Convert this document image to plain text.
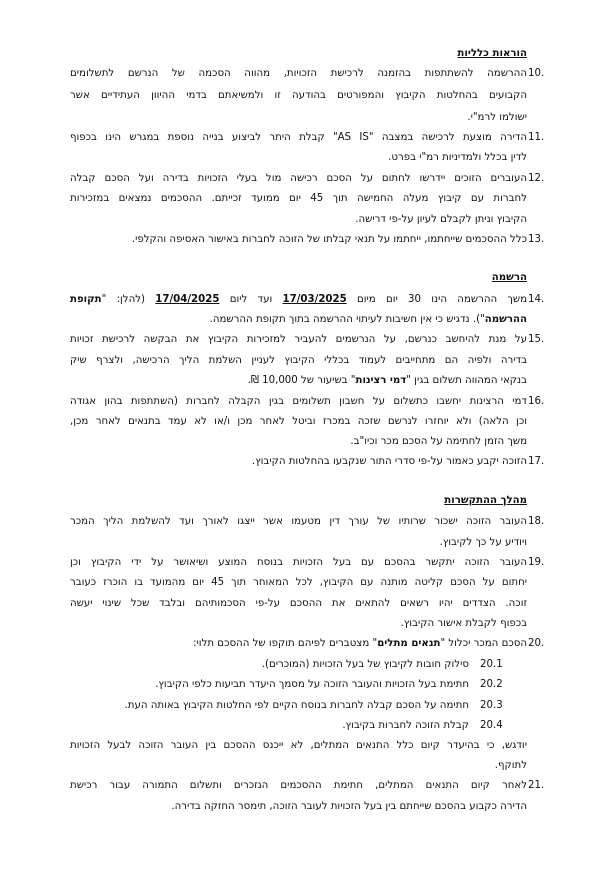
הוראות כלליות
10.
ההרשמה להשתתפות בהזמנה לרכישת הזכויות, מהווה הסכמה של הנרשם לתשלומים
הקבועים בהחלטות הקיבוץ והמפורטים בהודעה זו ולמשיאתם בדמי ההיוון העתידיים אשר
ישולמו לרמ"י.
11.
הדירה מוצעת לרכישה במצבה "AS IS" קבלת היתר לביצוע בנייה נוספת במגרש הינו בכפוף
לדין בכלל ולמדיניות רמ"י בפרט.
12.
העוברים הזוכים יידרשו לחתום על הסכם רכישה מול בעלי הזכויות בדירה ועל הסכם קבלה
לחברות עם קיבוץ מעלה החמישה תוך 45 יום ממועד זכייתם. ההסכמים נמצאים במזכירות
הקיבוץ וניתן לקבלם לעיון על-פי דרישה.
13.
כלל ההסכמים שייחתמו, ייחתמו על תנאי קבלתו של הזוכה לחברות באישור האסיפה והקלפי.
הרשמה
14.
משך ההרשמה הינו 30 יום מיום 17/03/2025 ועד ליום 17/04/2025 (להלן: "תקופת
ההרשמה"). נדגיש כי אין חשיבות לעיתוי ההרשמה בתוך תקופת ההרשמה.
15.
על מנת להיחשב כנרשם, על הנרשמים להעביר למזכירות הקיבוץ את הבקשה לרכישת זכויות
בדירה ולפיה הם מתחייבים לעמוד בכללי הקיבוץ לעניין השלמת הליך הרכישה, ולצרף שיק
בנקאי המהווה תשלום בגין "דמי רצינות" בשיעור של 10,000 ₪.
16.
דמי הרצינות יחשבו כתשלום על חשבון תשלומים בגין הקבלה לחברות (השתתפות בהון אגודה
וכן הלאה) ולא יוחזרו לנרשם שזכה במכרז וביטל לאחר מכן ו/או לא עמד בתנאים לאחר מכן,
משך הזמן לחתימה על הסכם מכר וכיו"ב.
17.
הזוכה יקבע כאמור על-פי סדרי התור שנקבעו בהחלטות הקיבוץ.
מהלך ההתקשרות
18.
העובר הזוכה ישכור שרותיו של עורך דין מטעמו אשר ייצגו לאורך ועד להשלמת הליך המכר
ויודיע על כך לקיבוץ.
19.
העובר הזוכה יתקשר בהסכם עם בעל הזכויות בנוסח המוצע ושיאושר על ידי הקיבוץ וכן
יחתום על הסכם קליטה מותנה עם הקיבוץ, לכל המאוחר תוך 45 יום מהמועד בו הוכרז כעובר
זוכה. הצדדים יהיו רשאים להתאים את ההסכם על-פי הסכמותיהם ובלבד שכל שינוי יעשה
בכפוף לקבלת אישור הקיבוץ.
20.
הסכם המכר יכלול "תנאים מתלים" מצטברים לפיהם תוקפו של ההסכם תלוי:
20.1
סילוק חובות לקיבוץ של בעל הזכויות (המוכרים).
20.2
חתימת בעל הזכויות והעובר הזוכה על מסמך היעדר תביעות כלפי הקיבוץ.
20.3
חתימה על הסכם קבלה לחברות בנוסח הקיים לפי החלטות הקיבוץ באותה העת.
20.4
קבלת הזוכה לחברות בקיבוץ.
יודגש, כי בהיעדר קיום כלל התנאים המתלים, לא ייכנס ההסכם בין העובר הזוכה לבעל הזכויות
לתוקף.
21.
לאחר קיום התנאים המתלים, חתימת ההסכמים הנזכרים ותשלום התמורה עבור רכישת
הדירה כקבוע בהסכם שייחתם בין בעל הזכויות לעובר הזוכה, תימסר החזקה בדירה.
